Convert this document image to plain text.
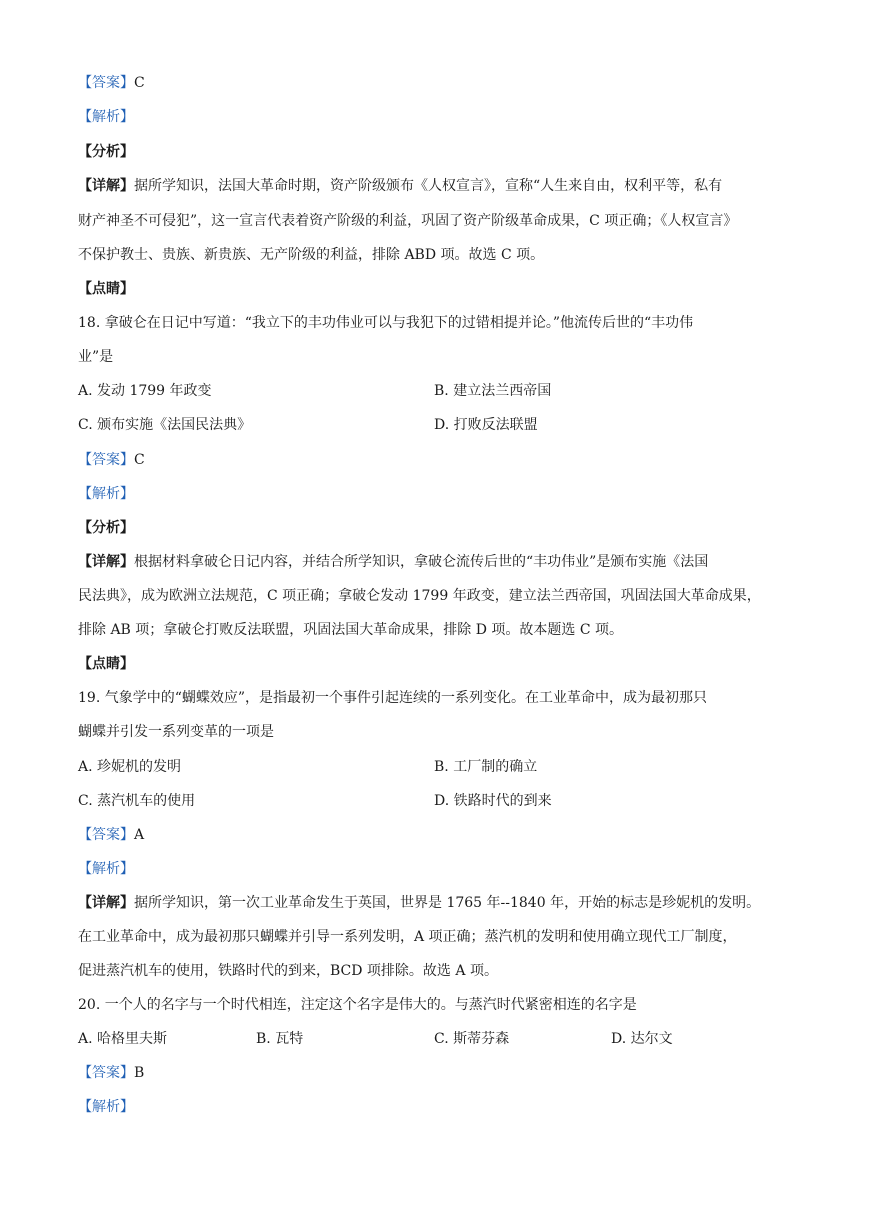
【答案】C
【解析】
【分析】
【详解】据所学知识，法国大革命时期，资产阶级颁布《人权宣言》，宣称“人生来自由，权利平等，私有
财产神圣不可侵犯”，这一宣言代表着资产阶级的利益，巩固了资产阶级革命成果，C 项正确；《人权宣言》
不保护教士、贵族、新贵族、无产阶级的利益，排除 ABD 项。故选 C 项。
【点睛】
18. 拿破仑在日记中写道：“我立下的丰功伟业可以与我犯下的过错相提并论。”他流传后世的“丰功伟
业”是
A. 发动 1799 年政变	B. 建立法兰西帝国
C. 颁布实施《法国民法典》	D. 打败反法联盟
【答案】C
【解析】
【分析】
【详解】根据材料拿破仑日记内容，并结合所学知识，拿破仑流传后世的“丰功伟业”是颁布实施《法国
民法典》，成为欧洲立法规范，C 项正确；拿破仑发动 1799 年政变，建立法兰西帝国，巩固法国大革命成果，
排除 AB 项；拿破仑打败反法联盟，巩固法国大革命成果，排除 D 项。故本题选 C 项。
【点睛】
19. 气象学中的“蝴蝶效应”，是指最初一个事件引起连续的一系列变化。在工业革命中，成为最初那只
蝴蝶并引发一系列变革的一项是
A. 珍妮机的发明	B. 工厂制的确立
C. 蒸汽机车的使用	D. 铁路时代的到来
【答案】A
【解析】
【详解】据所学知识，第一次工业革命发生于英国，世界是 1765 年--1840 年，开始的标志是珍妮机的发明。
在工业革命中，成为最初那只蝴蝶并引导一系列发明，A 项正确；蒸汽机的发明和使用确立现代工厂制度，
促进蒸汽机车的使用，铁路时代的到来，BCD 项排除。故选 A 项。
20. 一个人的名字与一个时代相连，注定这个名字是伟大的。与蒸汽时代紧密相连的名字是
A. 哈格里夫斯	B. 瓦特	C. 斯蒂芬森	D. 达尔文
【答案】B
【解析】
